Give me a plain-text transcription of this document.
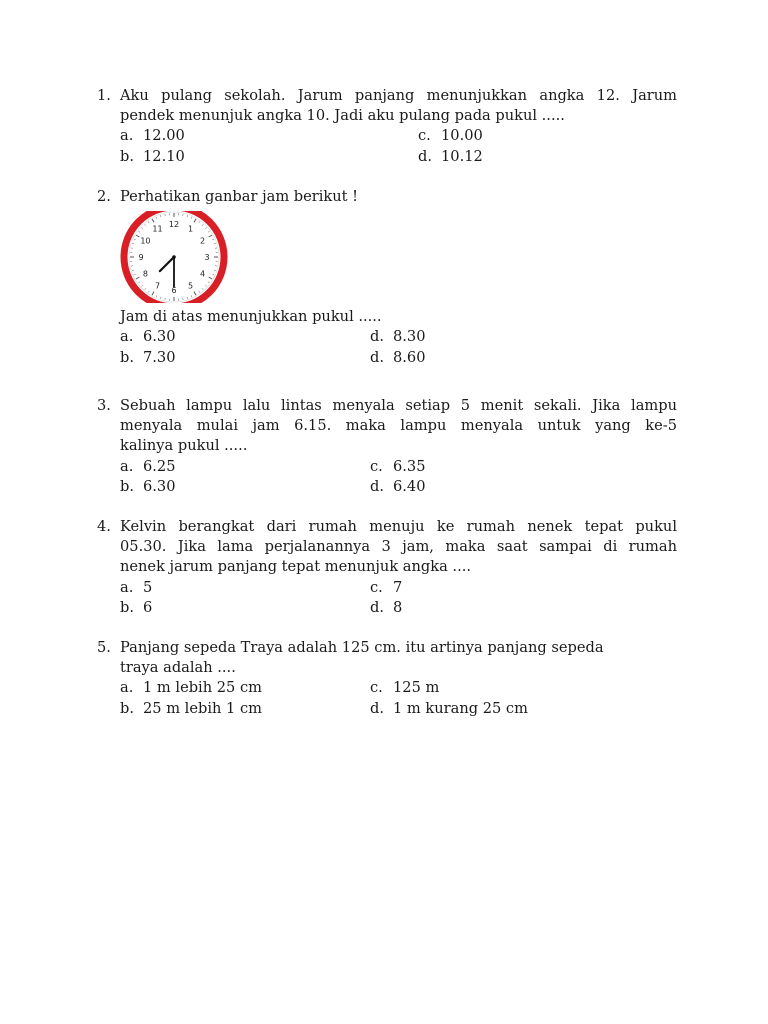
1. Aku pulang sekolah. Jarum panjang menunjukkan angka 12. Jarum
pendek menunjuk angka 10. Jadi aku pulang pada pukul .....
a. 12.00
b. 12.10
c. 10.00
d. 10.12
2. Perhatikan ganbar jam berikut !
12 1
2
3
4
5
6
7
8
9
10
11
Jam di atas menunjukkan pukul .....
a. 6.30
b. 7.30
d. 8.30
d. 8.60
3. Sebuah lampu lalu lintas menyala setiap 5 menit sekali. Jika lampu
menyala mulai jam 6.15. maka lampu menyala untuk yang ke-5
kalinya pukul .....
a. 6.25
b. 6.30
c. 6.35
d. 6.40
4. Kelvin berangkat dari rumah menuju ke rumah nenek tepat pukul
05.30. Jika lama perjalanannya 3 jam, maka saat sampai di rumah
nenek jarum panjang tepat menunjuk angka ....
a. 5
b. 6
c. 7
d. 8
5. Panjang sepeda Traya adalah 125 cm. itu artinya panjang sepeda
traya adalah ....
a. 1 m lebih 25 cm
b. 25 m lebih 1 cm
c. 125 m
d. 1 m kurang 25 cm
